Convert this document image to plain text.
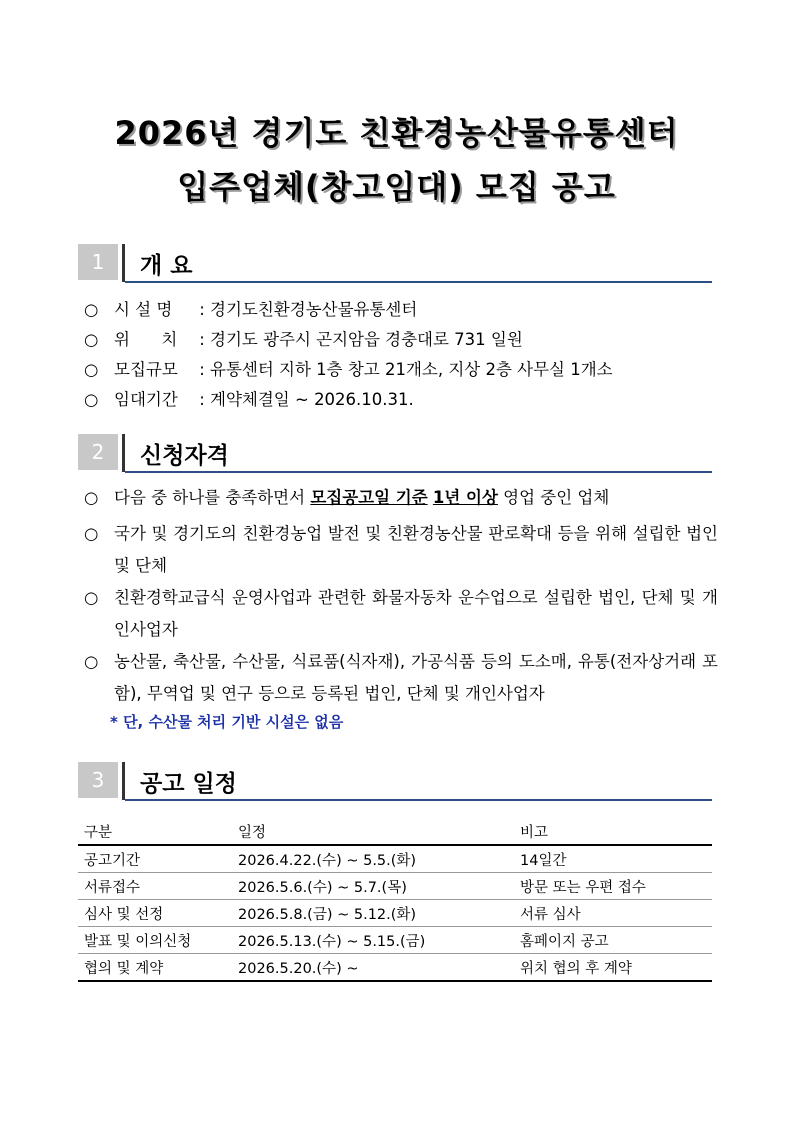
2026년 경기도 친환경농산물유통센터
입주업체(창고임대) 모집 공고
1	개 요
○ 시 설 명 : 경기도친환경농산물유통센터
○ 위      치 : 경기도 광주시 곤지암읍 경충대로 731 일원
○ 모집규모 : 유통센터 지하 1층 창고 21개소, 지상 2층 사무실 1개소
○ 임대기간 : 계약체결일 ~ 2026.10.31.
2	신청자격
○ 다음 중 하나를 충족하면서 모집공고일 기준 1년 이상 영업 중인 업체
○ 국가 및 경기도의 친환경농업 발전 및 친환경농산물 판로확대 등을 위해 설립한 법인 및 단체
○ 친환경학교급식 운영사업과 관련한 화물자동차 운수업으로 설립한 법인, 단체 및 개인사업자
○ 농산물, 축산물, 수산물, 식료품(식자재), 가공식품 등의 도소매, 유통(전자상거래 포함), 무역업 및 연구 등으로 등록된 법인, 단체 및 개인사업자
* 단, 수산물 처리 기반 시설은 없음
3	공고 일정
구분	일정	비고
공고기간	2026.4.22.(수) ~ 5.5.(화)	14일간
서류접수	2026.5.6.(수) ~ 5.7.(목)	방문 또는 우편 접수
심사 및 선정	2026.5.8.(금) ~ 5.12.(화)	서류 심사
발표 및 이의신청	2026.5.13.(수) ~ 5.15.(금)	홈페이지 공고
협의 및 계약	2026.5.20.(수) ~	위치 협의 후 계약
